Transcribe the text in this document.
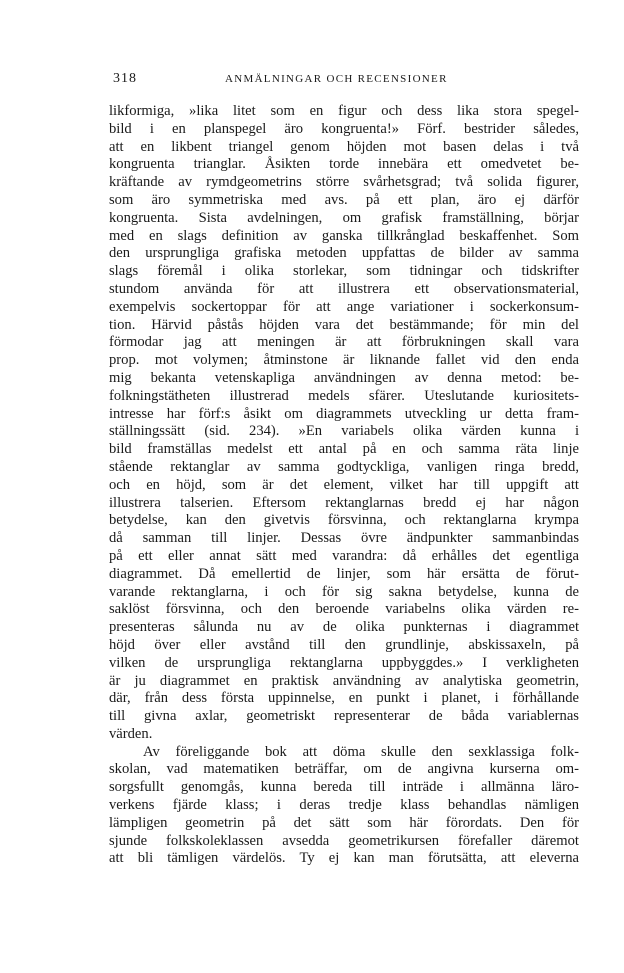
318	ANMÄLNINGAR OCH RECENSIONER
likformiga, »lika litet som en figur och dess lika stora spegel-
bild i en planspegel äro kongruenta!» Förf. bestrider således,
att en likbent triangel genom höjden mot basen delas i två
kongruenta trianglar. Åsikten torde innebära ett omedvetet be-
kräftande av rymdgeometrins större svårhetsgrad; två solida figurer,
som äro symmetriska med avs. på ett plan, äro ej därför
kongruenta. Sista avdelningen, om grafisk framställning, börjar
med en slags definition av ganska tillkrånglad beskaffenhet. Som
den ursprungliga grafiska metoden uppfattas de bilder av samma
slags föremål i olika storlekar, som tidningar och tidskrifter
stundom använda för att illustrera ett observationsmaterial,
exempelvis sockertoppar för att ange variationer i sockerkonsum-
tion. Härvid påstås höjden vara det bestämmande; för min del
förmodar jag att meningen är att förbrukningen skall vara
prop. mot volymen; åtminstone är liknande fallet vid den enda
mig bekanta vetenskapliga användningen av denna metod: be-
folkningstätheten illustrerad medels sfärer. Uteslutande kuriositets-
intresse har förf:s åsikt om diagrammets utveckling ur detta fram-
ställningssätt (sid. 234). »En variabels olika värden kunna i
bild framställas medelst ett antal på en och samma räta linje
stående rektanglar av samma godtyckliga, vanligen ringa bredd,
och en höjd, som är det element, vilket har till uppgift att
illustrera talserien. Eftersom rektanglarnas bredd ej har någon
betydelse, kan den givetvis försvinna, och rektanglarna krympa
då samman till linjer. Dessas övre ändpunkter sammanbindas
på ett eller annat sätt med varandra: då erhålles det egentliga
diagrammet. Då emellertid de linjer, som här ersätta de förut-
varande rektanglarna, i och för sig sakna betydelse, kunna de
saklöst försvinna, och den beroende variabelns olika värden re-
presenteras sålunda nu av de olika punkternas i diagrammet
höjd över eller avstånd till den grundlinje, abskissaxeln, på
vilken de ursprungliga rektanglarna uppbyggdes.» I verkligheten
är ju diagrammet en praktisk användning av analytiska geometrin,
där, från dess första uppinnelse, en punkt i planet, i förhållande
till givna axlar, geometriskt representerar de båda variablernas
värden.
Av föreliggande bok att döma skulle den sexklassiga folk-
skolan, vad matematiken beträffar, om de angivna kurserna om-
sorgsfullt genomgås, kunna bereda till inträde i allmänna läro-
verkens fjärde klass; i deras tredje klass behandlas nämligen
lämpligen geometrin på det sätt som här förordats. Den för
sjunde folkskoleklassen avsedda geometrikursen förefaller däremot
att bli tämligen värdelös. Ty ej kan man förutsätta, att eleverna
